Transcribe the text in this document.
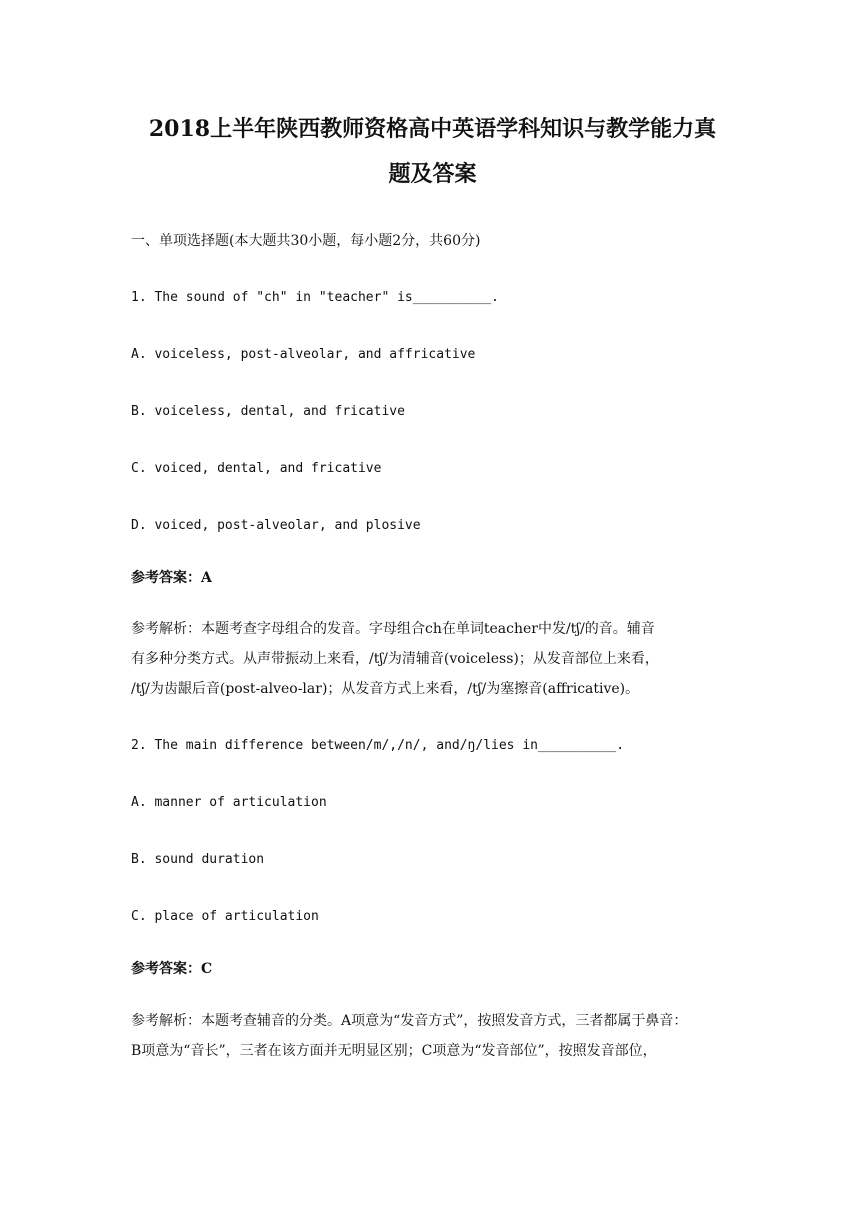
2018上半年陕西教师资格高中英语学科知识与教学能力真
题及答案
一、单项选择题(本大题共30小题，每小题2分，共60分)
1. The sound of "ch" in "teacher" is__________.
A. voiceless, post-alveolar, and affricative
B. voiceless, dental, and fricative
C. voiced, dental, and fricative
D. voiced, post-alveolar, and plosive
参考答案：A
参考解析：本题考查字母组合的发音。字母组合ch在单词teacher中发/tʃ/的音。辅音
有多种分类方式。从声带振动上来看，/tʃ/为清辅音(voiceless)；从发音部位上来看，
/tʃ/为齿龈后音(post-alveo-lar)；从发音方式上来看，/tʃ/为塞擦音(affricative)。
2. The main difference between/m/,/n/, and/ŋ/lies in__________.
A. manner of articulation
B. sound duration
C. place of articulation
参考答案：C
参考解析：本题考查辅音的分类。A项意为“发音方式”，按照发音方式，三者都属于鼻音：
B项意为“音长”，三者在该方面并无明显区别；C项意为“发音部位”，按照发音部位，
